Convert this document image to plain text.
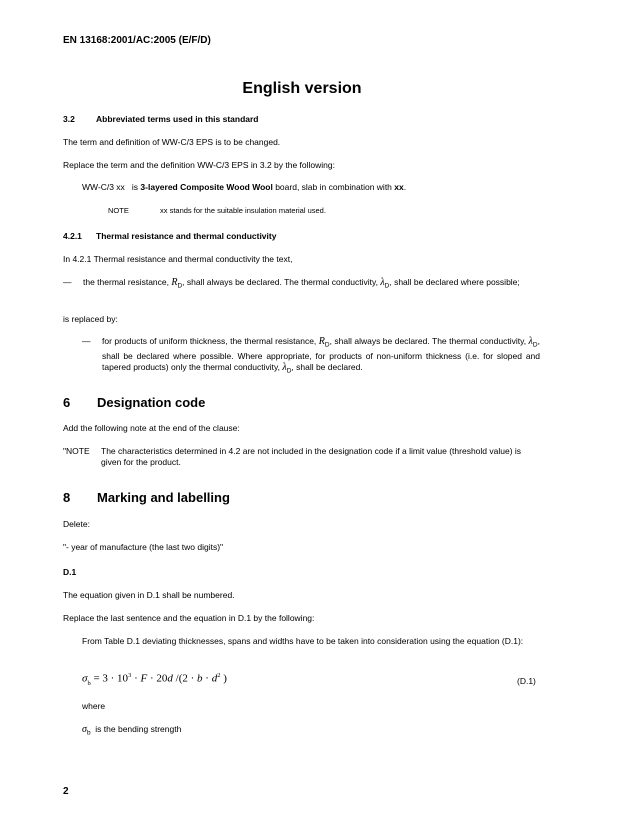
EN 13168:2001/AC:2005 (E/F/D)
English version
3.2 Abbreviated terms used in this standard
The term and definition of WW-C/3 EPS is to be changed.
Replace the term and the definition WW-C/3 EPS in 3.2 by the following:
WW-C/3 xx is 3-layered Composite Wood Wool board, slab in combination with xx.
NOTE	xx stands for the suitable insulation material used.
4.2.1 Thermal resistance and thermal conductivity
In 4.2.1 Thermal resistance and thermal conductivity the text,
— the thermal resistance, $R_D$, shall always be declared. The thermal conductivity, $\lambda_D$, shall be declared where possible;
is replaced by:
— for products of uniform thickness, the thermal resistance, $R_D$, shall always be declared. The thermal conductivity, $\lambda_D$, shall be declared where possible. Where appropriate, for products of non-uniform thickness (i.e. for sloped and tapered products) only the thermal conductivity, $\lambda_D$, shall be declared.
6 Designation code
Add the following note at the end of the clause:
"NOTE The characteristics determined in 4.2 are not included in the designation code if a limit value (threshold value) is given for the product.
8 Marking and labelling
Delete:
"- year of manufacture (the last two digits)"
D.1
The equation given in D.1 shall be numbered.
Replace the last sentence and the equation in D.1 by the following:
From Table D.1 deviating thicknesses, spans and widths have to be taken into consideration using the equation (D.1):
$\sigma_b = 3 \cdot 10^3 \cdot F \cdot 20d$ $/(2 \cdot b \cdot d^2$ )	(D.1)
where
$\sigma_b$ is the bending strength
2
